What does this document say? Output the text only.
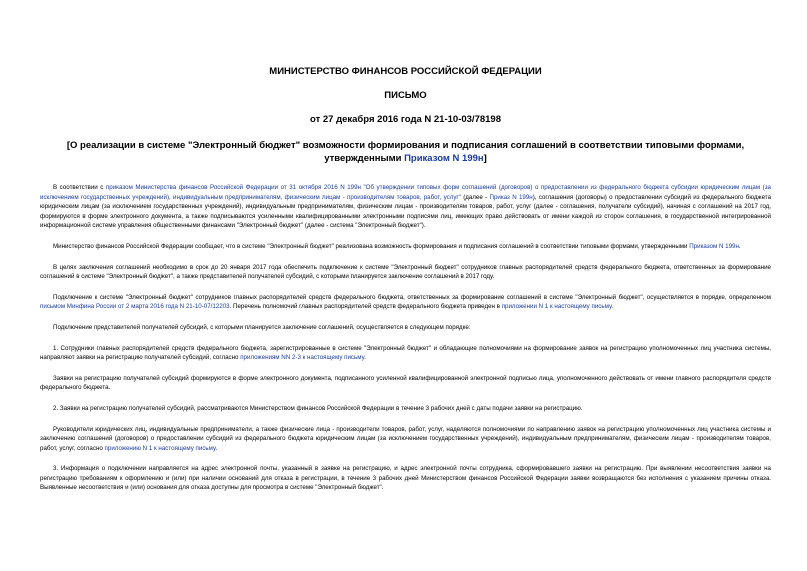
МИНИСТЕРСТВО ФИНАНСОВ РОССИЙСКОЙ ФЕДЕРАЦИИ
ПИСЬМО
от 27 декабря 2016 года N 21-10-03/78198
[О реализации в системе "Электронный бюджет" возможности формирования и подписания соглашений в соответствии типовыми формами, утвержденными Приказом N 199н]

В соответствии с приказом Министерства финансов Российской Федерации от 31 октября 2016 N 199н "Об утверждении типовых форм соглашений (договоров) о предоставлении из федерального бюджета субсидии юридическим лицам (за исключением государственных учреждений), индивидуальным предпринимателям, физическим лицам - производителям товаров, работ, услуг" (далее - Приказ N 199н), соглашения (договоры) о предоставлении субсидий из федерального бюджета юридическим лицам (за исключением государственных учреждений), индивидуальным предпринимателям, физическим лицам - производителям товаров, работ, услуг (далее - соглашения, получатели субсидий), начиная с соглашений на 2017 год, формируются в форме электронного документа, а также подписываются усиленными квалифицированными электронными подписями лиц, имеющих право действовать от имени каждой из сторон соглашения, в государственной интегрированной информационной системе управления общественными финансами "Электронный бюджет" (далее - система "Электронный бюджет").

Министерство финансов Российской Федерации сообщает, что в системе "Электронный бюджет" реализована возможность формирования и подписания соглашений в соответствии типовыми формами, утвержденными Приказом N 199н.

В целях заключения соглашений необходимо в срок до 20 января 2017 года обеспечить подключение к системе "Электронный бюджет" сотрудников главных распорядителей средств федерального бюджета, ответственных за формирование соглашений в системе "Электронный бюджет", а также представителей получателей субсидий, с которыми планируется заключение соглашений в 2017 году.

Подключение к системе "Электронный бюджет" сотрудников главных распорядителей средств федерального бюджета, ответственных за формирование соглашений в системе "Электронный бюджет", осуществляется в порядке, определенном письмом Минфина России от 2 марта 2016 года N 21-10-07/12203. Перечень полномочий главных распорядителей средств федерального бюджета приведен в приложении N 1 к настоящему письму.

Подключение представителей получателей субсидий, с которыми планируется заключение соглашений, осуществляется в следующем порядке:

1. Сотрудники главных распорядителей средств федерального бюджета, зарегистрированные в системе "Электронный бюджет" и обладающие полномочиями на формирование заявок на регистрацию уполномоченных лиц участника системы, направляют заявки на регистрацию получателей субсидий, согласно приложениям NN 2-3 к настоящему письму.

Заявки на регистрацию получателей субсидий формируются в форме электронного документа, подписанного усиленной квалифицированной электронной подписью лица, уполномоченного действовать от имени главного распорядителя средств федерального бюджета.

2. Заявки на регистрацию получателей субсидий, рассматриваются Министерством финансов Российской Федерации в течение 3 рабочих дней с даты подачи заявки на регистрацию.

Руководители юридических лиц, индивидуальные предприниматели, а также физические лица - производители товаров, работ, услуг, наделяются полномочиями по направлению заявок на регистрацию уполномоченных лиц участника системы и заключению соглашений (договоров) о предоставлении субсидий из федерального бюджета юридическим лицам (за исключением государственных учреждений), индивидуальным предпринимателям, физическим лицам - производителям товаров, работ, услуг, согласно приложению N 1 к настоящему письму.

3. Информация о подключении направляется на адрес электронной почты, указанный в заявке на регистрацию, и адрес электронной почты сотрудника, сформировавшего заявки на регистрацию. При выявлении несоответствия заявки на регистрацию требованиям к оформлению и (или) при наличии оснований для отказа в регистрации, в течение 3 рабочих дней Министерством финансов Российской Федерации заявки возвращаются без исполнения с указанием причины отказа. Выявленные несоответствия и (или) основания для отказа доступны для просмотра в системе "Электронный бюджет".
